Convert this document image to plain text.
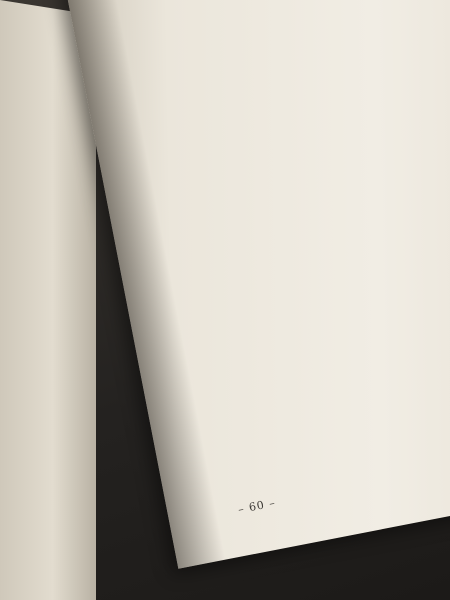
– 60 –
